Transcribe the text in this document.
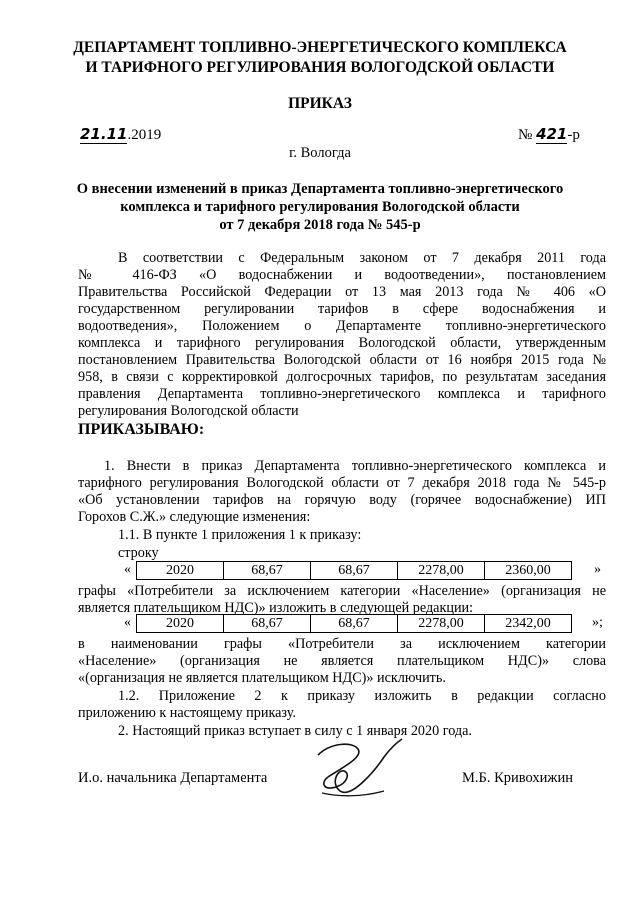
ДЕПАРТАМЕНТ ТОПЛИВНО-ЭНЕРГЕТИЧЕСКОГО КОМПЛЕКСА
И ТАРИФНОГО РЕГУЛИРОВАНИЯ ВОЛОГОДСКОЙ ОБЛАСТИ
ПРИКАЗ
21.11.2019	№ 421-р
г. Вологда
О внесении изменений в приказ Департамента топливно-энергетического
комплекса и тарифного регулирования Вологодской области
от 7 декабря 2018 года № 545-р
В соответствии с Федеральным законом от 7 декабря 2011 года
№ 416-ФЗ «О водоснабжении и водоотведении», постановлением
Правительства Российской Федерации от 13 мая 2013 года № 406 «О
государственном регулировании тарифов в сфере водоснабжения и
водоотведения», Положением о Департаменте топливно-энергетического
комплекса и тарифного регулирования Вологодской области, утвержденным
постановлением Правительства Вологодской области от 16 ноября 2015 года №
958, в связи с корректировкой долгосрочных тарифов, по результатам заседания
правления Департамента топливно-энергетического комплекса и тарифного
регулирования Вологодской области
ПРИКАЗЫВАЮ:
1. Внести в приказ Департамента топливно-энергетического комплекса и
тарифного регулирования Вологодской области от 7 декабря 2018 года № 545-р
«Об установлении тарифов на горячую воду (горячее водоснабжение) ИП
Горохов С.Ж.» следующие изменения:
1.1. В пункте 1 приложения 1 к приказу:
строку
«	2020	68,67	68,67	2278,00	2360,00	»
графы «Потребители за исключением категории «Население» (организация не
является плательщиком НДС)» изложить в следующей редакции:
«	2020	68,67	68,67	2278,00	2342,00	»;
в наименовании графы «Потребители за исключением категории
«Население» (организация не является плательщиком НДС)» слова
«(организация не является плательщиком НДС)» исключить.
1.2. Приложение 2 к приказу изложить в редакции согласно
приложению к настоящему приказу.
2. Настоящий приказ вступает в силу с 1 января 2020 года.
И.о. начальника Департамента	М.Б. Кривохижин
